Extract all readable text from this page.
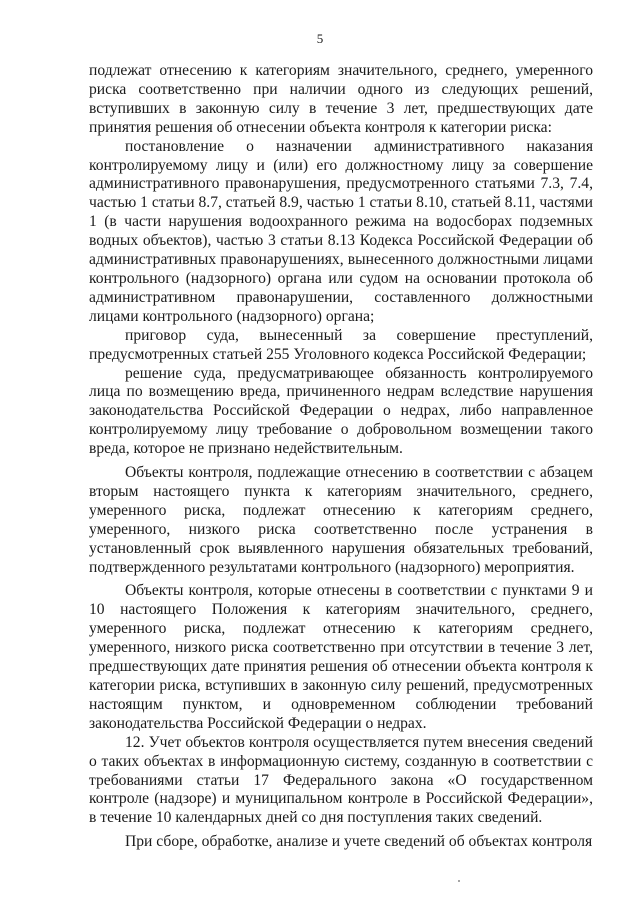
5

подлежат отнесению к категориям значительного, среднего, умеренного риска соответственно при наличии одного из следующих решений, вступивших в законную силу в течение 3 лет, предшествующих дате принятия решения об отнесении объекта контроля к категории риска:

постановление о назначении административного наказания контролируемому лицу и (или) его должностному лицу за совершение административного правонарушения, предусмотренного статьями 7.3, 7.4, частью 1 статьи 8.7, статьей 8.9, частью 1 статьи 8.10, статьей 8.11, частями 1 (в части нарушения водоохранного режима на водосборах подземных водных объектов), частью 3 статьи 8.13 Кодекса Российской Федерации об административных правонарушениях, вынесенного должностными лицами контрольного (надзорного) органа или судом на основании протокола об административном правонарушении, составленного должностными лицами контрольного (надзорного) органа;

приговор суда, вынесенный за совершение преступлений, предусмотренных статьей 255 Уголовного кодекса Российской Федерации;

решение суда, предусматривающее обязанность контролируемого лица по возмещению вреда, причиненного недрам вследствие нарушения законодательства Российской Федерации о недрах, либо направленное контролируемому лицу требование о добровольном возмещении такого вреда, которое не признано недействительным.

Объекты контроля, подлежащие отнесению в соответствии с абзацем вторым настоящего пункта к категориям значительного, среднего, умеренного риска, подлежат отнесению к категориям среднего, умеренного, низкого риска соответственно после устранения в установленный срок выявленного нарушения обязательных требований, подтвержденного результатами контрольного (надзорного) мероприятия.

Объекты контроля, которые отнесены в соответствии с пунктами 9 и 10 настоящего Положения к категориям значительного, среднего, умеренного риска, подлежат отнесению к категориям среднего, умеренного, низкого риска соответственно при отсутствии в течение 3 лет, предшествующих дате принятия решения об отнесении объекта контроля к категории риска, вступивших в законную силу решений, предусмотренных настоящим пунктом, и одновременном соблюдении требований законодательства Российской Федерации о недрах.

12. Учет объектов контроля осуществляется путем внесения сведений о таких объектах в информационную систему, созданную в соответствии с требованиями статьи 17 Федерального закона «О государственном контроле (надзоре) и муниципальном контроле в Российской Федерации», в течение 10 календарных дней со дня поступления таких сведений.

При сборе, обработке, анализе и учете сведений об объектах контроля
